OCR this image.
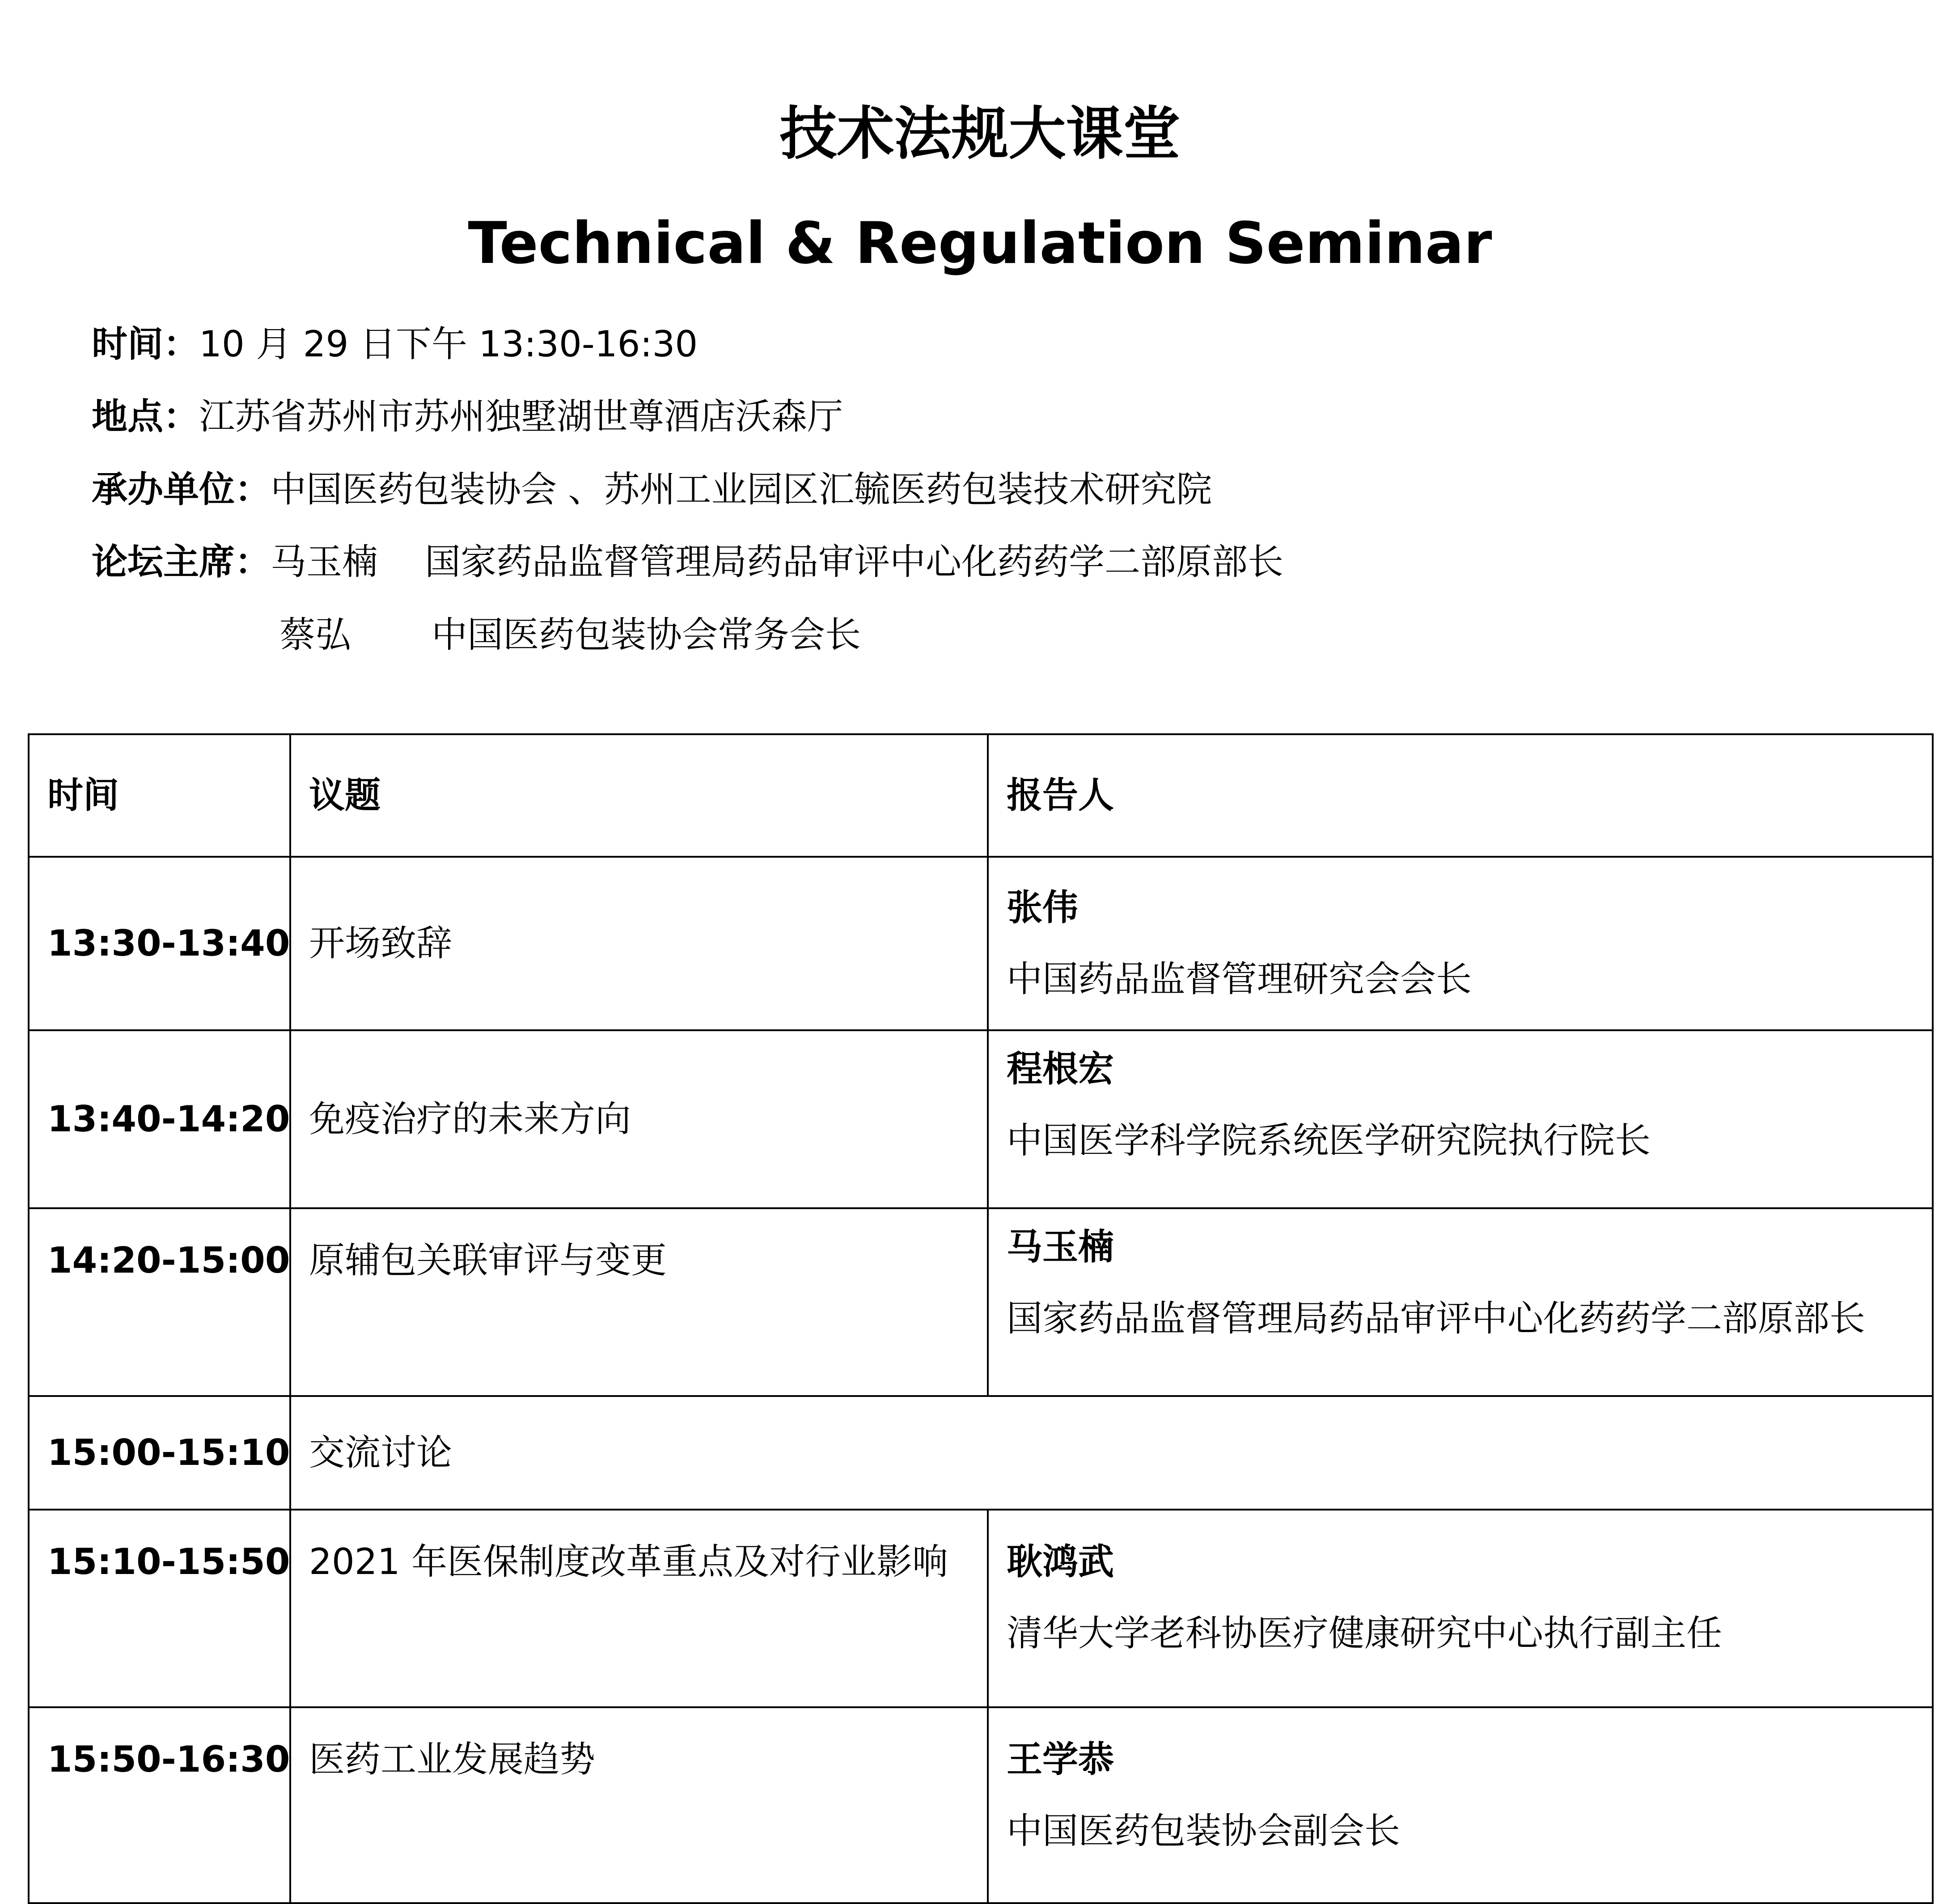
技术法规大课堂
Technical & Regulation Seminar
时间：10 月 29 日下午 13:30-16:30
地点：江苏省苏州市苏州独墅湖世尊酒店沃森厅
承办单位：中国医药包装协会 、苏州工业园区汇毓医药包装技术研究院
论坛主席：马玉楠 国家药品监督管理局药品审评中心化药药学二部原部长
蔡弘 中国医药包装协会常务会长
时间	议题	报告人
13:30-13:40	开场致辞	张伟
中国药品监督管理研究会会长

13:40-14:20	免疫治疗的未来方向	程根宏
中国医学科学院系统医学研究院执行院长

14:20-15:00	原辅包关联审评与变更	马玉楠
国家药品监督管理局药品审评中心化药药学二部原部长

15:00-15:10	交流讨论	
15:10-15:50	2021 年医保制度改革重点及对行业影响	耿鸿武
清华大学老科协医疗健康研究中心执行副主任

15:50-16:30	医药工业发展趋势	王学恭
中国医药包装协会副会长
